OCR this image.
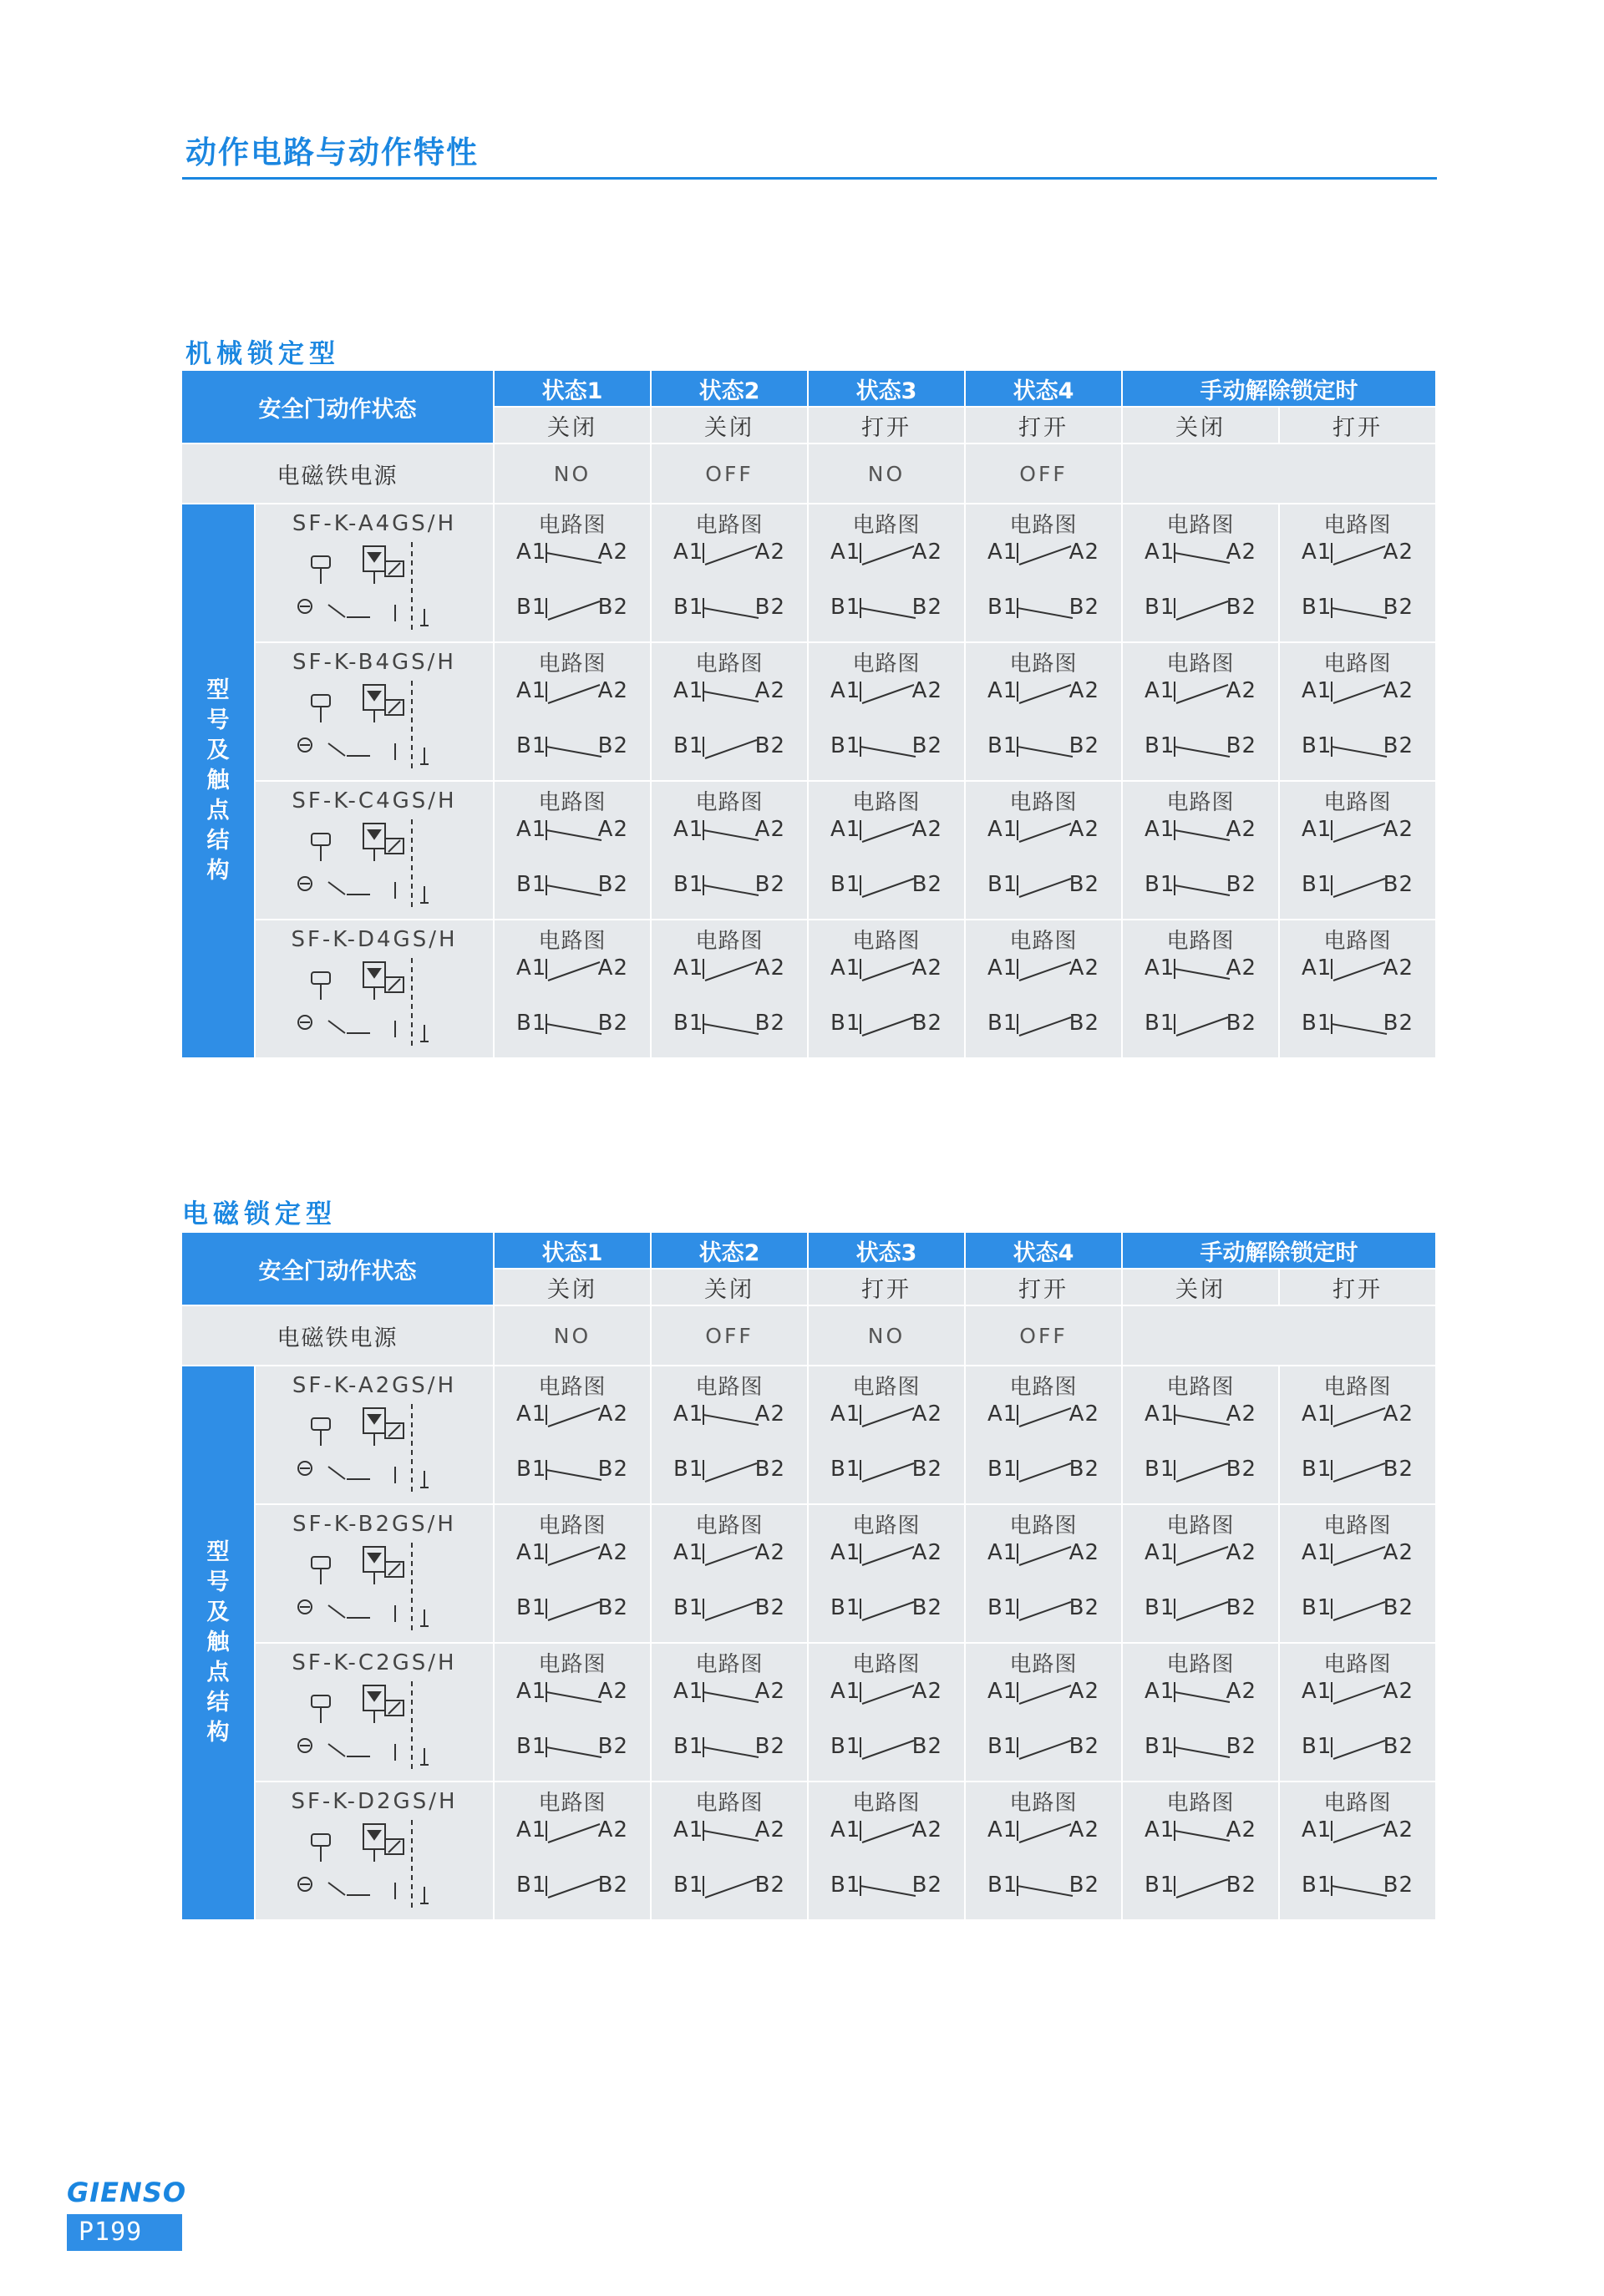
动作电路与动作特性
机械锁定型
安全门动作状态		状态1	状态2	状态3	状态4	手动解除锁定时	
		关闭	关闭	打开	打开	关闭	打开
电磁铁电源		NO	OFF	NO	OFF		
型号及触点结构	SF-K-A4GS/H	电路图
A1 A2
B1 B2	电路图
A1 A2
B1 B2	电路图
A1 A2
B1 B2	电路图
A1 A2
B1 B2	电路图
A1 A2
B1 B2	电路图
A1 A2
B1 B2

	SF-K-B4GS/H	电路图
A1 A2
B1 B2	电路图
A1 A2
B1 B2	电路图
A1 A2
B1 B2	电路图
A1 A2
B1 B2	电路图
A1 A2
B1 B2	电路图
A1 A2
B1 B2

	SF-K-C4GS/H	电路图
A1 A2
B1 B2	电路图
A1 A2
B1 B2	电路图
A1 A2
B1 B2	电路图
A1 A2
B1 B2	电路图
A1 A2
B1 B2	电路图
A1 A2
B1 B2

	SF-K-D4GS/H	电路图
A1 A2
B1 B2	电路图
A1 A2
B1 B2	电路图
A1 A2
B1 B2	电路图
A1 A2
B1 B2	电路图
A1 A2
B1 B2	电路图
A1 A2
B1 B2
电磁锁定型
安全门动作状态		状态1	状态2	状态3	状态4	手动解除锁定时	
		关闭	关闭	打开	打开	关闭	打开
电磁铁电源		NO	OFF	NO	OFF		
型号及触点结构	SF-K-A2GS/H	电路图
A1 A2
B1 B2	电路图
A1 A2
B1 B2	电路图
A1 A2
B1 B2	电路图
A1 A2
B1 B2	电路图
A1 A2
B1 B2	电路图
A1 A2
B1 B2

	SF-K-B2GS/H	电路图
A1 A2
B1 B2	电路图
A1 A2
B1 B2	电路图
A1 A2
B1 B2	电路图
A1 A2
B1 B2	电路图
A1 A2
B1 B2	电路图
A1 A2
B1 B2

	SF-K-C2GS/H	电路图
A1 A2
B1 B2	电路图
A1 A2
B1 B2	电路图
A1 A2
B1 B2	电路图
A1 A2
B1 B2	电路图
A1 A2
B1 B2	电路图
A1 A2
B1 B2

	SF-K-D2GS/H	电路图
A1 A2
B1 B2	电路图
A1 A2
B1 B2	电路图
A1 A2
B1 B2	电路图
A1 A2
B1 B2	电路图
A1 A2
B1 B2	电路图
A1 A2
B1 B2
GIENSO
P199
